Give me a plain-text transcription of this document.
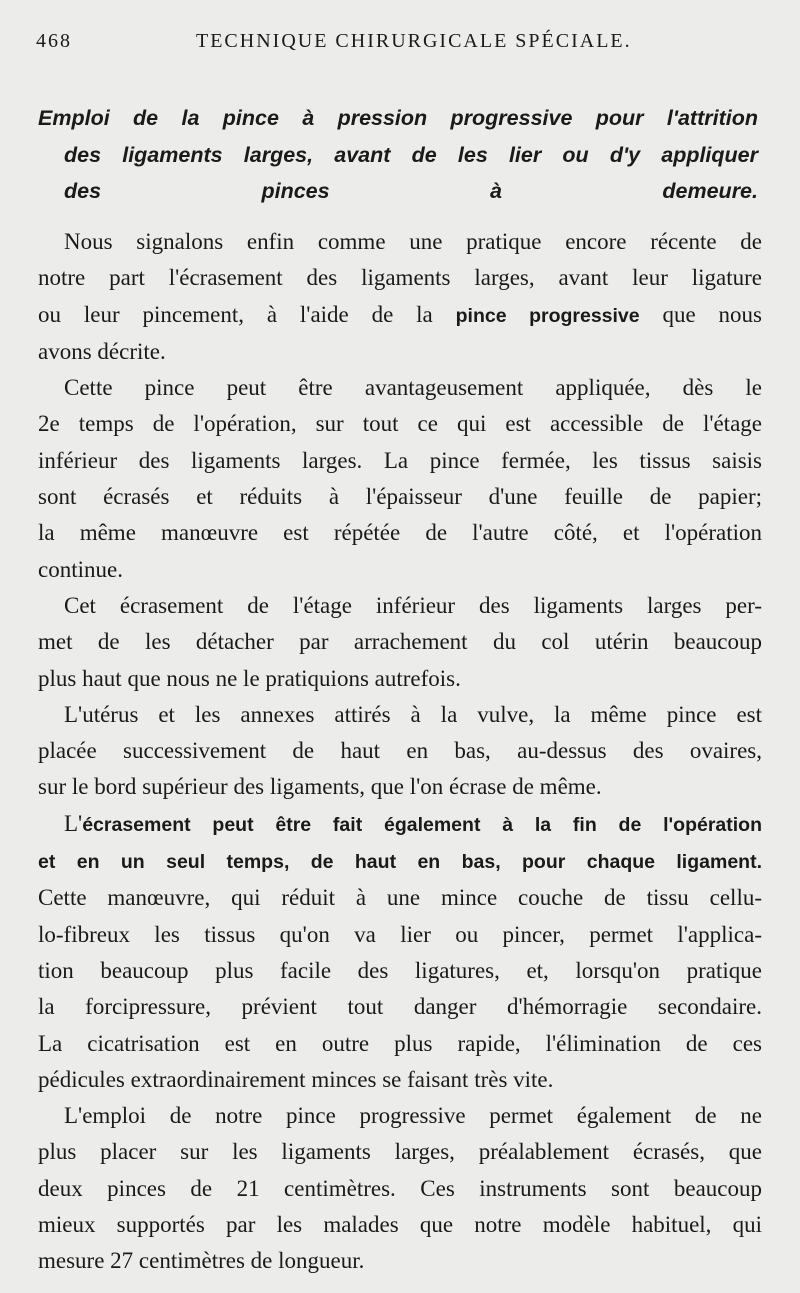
468	TECHNIQUE CHIRURGICALE SPÉCIALE.
Emploi de la pince à pression progressive pour l'attrition
des ligaments larges, avant de les lier ou d'y appliquer
des pinces à demeure.
Nous signalons enfin comme une pratique encore récente de
notre part l'écrasement des ligaments larges, avant leur ligature
ou leur pincement, à l'aide de la pince progressive que nous
avons décrite.
Cette pince peut être avantageusement appliquée, dès le
2e temps de l'opération, sur tout ce qui est accessible de l'étage
inférieur des ligaments larges. La pince fermée, les tissus saisis
sont écrasés et réduits à l'épaisseur d'une feuille de papier;
la même manœuvre est répétée de l'autre côté, et l'opération
continue.
Cet écrasement de l'étage inférieur des ligaments larges per-
met de les détacher par arrachement du col utérin beaucoup
plus haut que nous ne le pratiquions autrefois.
L'utérus et les annexes attirés à la vulve, la même pince est
placée successivement de haut en bas, au-dessus des ovaires,
sur le bord supérieur des ligaments, que l'on écrase de même.
L'écrasement peut être fait également à la fin de l'opération
et en un seul temps, de haut en bas, pour chaque ligament.
Cette manœuvre, qui réduit à une mince couche de tissu cellu-
lo-fibreux les tissus qu'on va lier ou pincer, permet l'applica-
tion beaucoup plus facile des ligatures, et, lorsqu'on pratique
la forcipressure, prévient tout danger d'hémorragie secondaire.
La cicatrisation est en outre plus rapide, l'élimination de ces
pédicules extraordinairement minces se faisant très vite.
L'emploi de notre pince progressive permet également de ne
plus placer sur les ligaments larges, préalablement écrasés, que
deux pinces de 21 centimètres. Ces instruments sont beaucoup
mieux supportés par les malades que notre modèle habituel, qui
mesure 27 centimètres de longueur.
